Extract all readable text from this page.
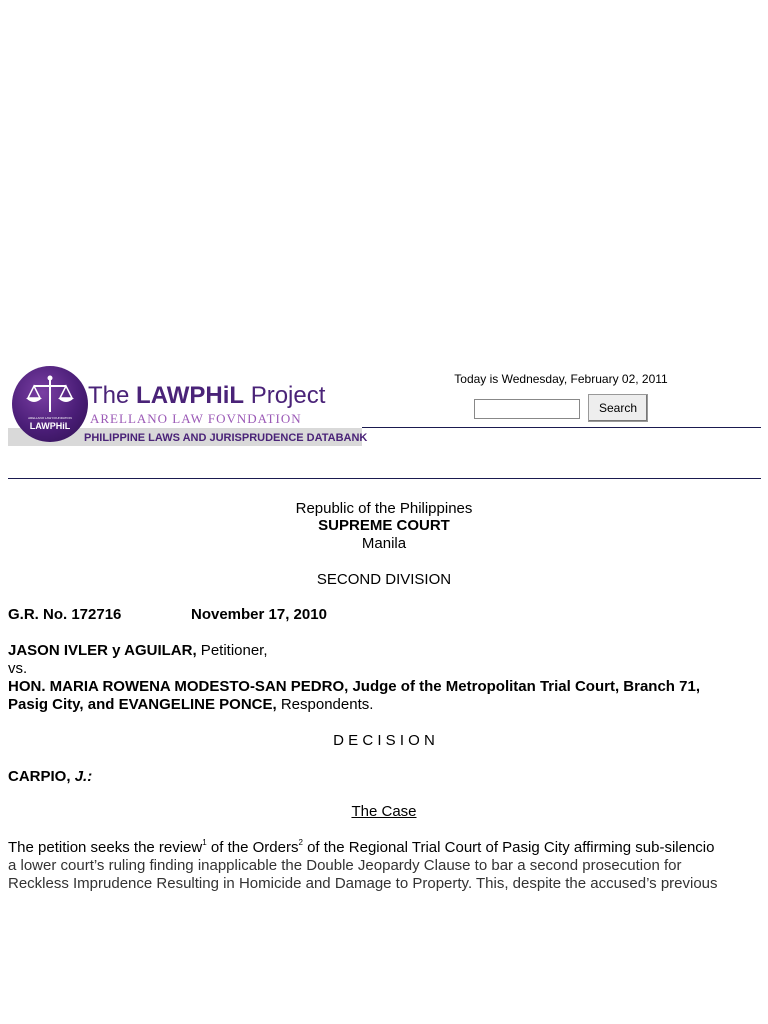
ARELLANO LAW FOUNDATION
LAWPHiL
The LAWPHiL Project
ARELLANO LAW FOVNDATION
PHILIPPINE LAWS AND JURISPRUDENCE DATABANK
Today is Wednesday, February 02, 2011
Search
Republic of the Philippines
SUPREME COURT
Manila
SECOND DIVISION
G.R. No. 172716	November 17, 2010
JASON IVLER y AGUILAR, Petitioner,
vs.
HON. MARIA ROWENA MODESTO-SAN PEDRO, Judge of the Metropolitan Trial Court, Branch 71,
Pasig City, and EVANGELINE PONCE, Respondents.
D E C I S I O N
CARPIO, J.:
The Case
The petition seeks the review$^1$ of the Orders$^2$ of the Regional Trial Court of Pasig City affirming sub-silencio
a lower court’s ruling finding inapplicable the Double Jeopardy Clause to bar a second prosecution for
Reckless Imprudence Resulting in Homicide and Damage to Property. This, despite the accused’s previous
